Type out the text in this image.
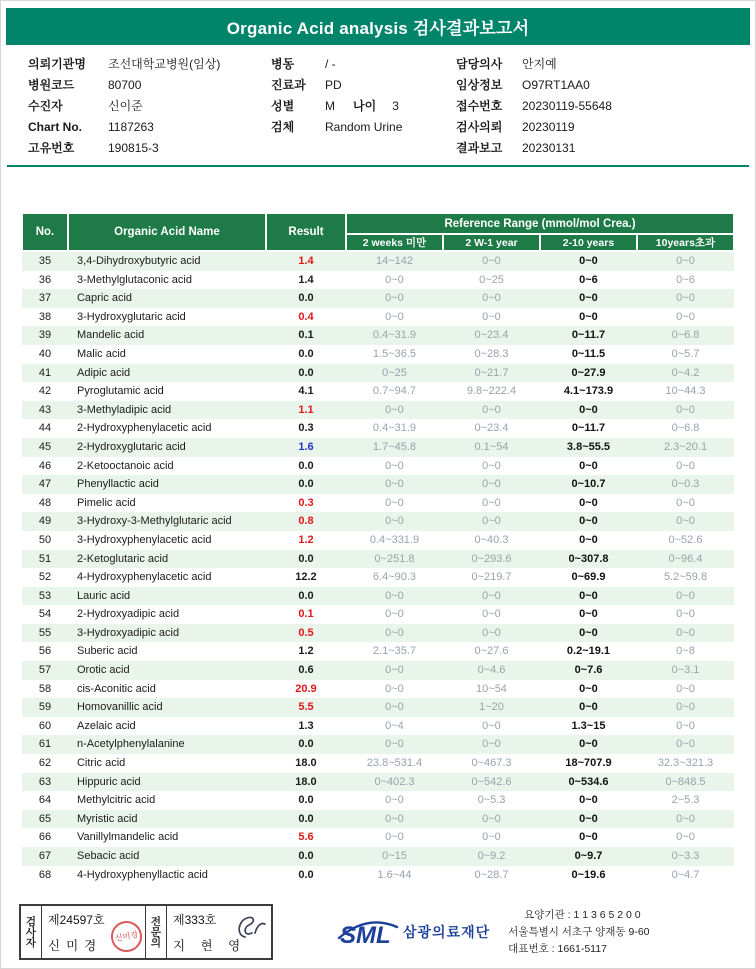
Organic Acid analysis 검사결과보고서
의뢰기관명	조선대학교병원(임상)
병원코드	80700
수진자	신이준
Chart No.	1187263
고유번호	190815-3
병동	/ -
진료과	PD
성별	M 나이 3
검체	Random Urine
담당의사	안지예
임상정보	O97RT1AA0
접수번호	20230119-55648
검사의뢰	20230119
결과보고	20230131
No.	Organic Acid Name	Result	Reference Range (mmol/mol Crea.)			
			2 weeks 미만	2 W-1 year	2-10 years	10years초과
35	3,4-Dihydroxybutyric acid	1.4	14~142	0~0	0~0	0~0
36	3-Methylglutaconic acid	1.4	0~0	0~25	0~6	0~6
37	Capric acid	0.0	0~0	0~0	0~0	0~0
38	3-Hydroxyglutaric acid	0.4	0~0	0~0	0~0	0~0
39	Mandelic acid	0.1	0.4~31.9	0~23.4	0~11.7	0~6.8
40	Malic acid	0.0	1.5~36.5	0~28.3	0~11.5	0~5.7
41	Adipic acid	0.0	0~25	0~21.7	0~27.9	0~4.2
42	Pyroglutamic acid	4.1	0.7~94.7	9.8~222.4	4.1~173.9	10~44.3
43	3-Methyladipic acid	1.1	0~0	0~0	0~0	0~0
44	2-Hydroxyphenylacetic acid	0.3	0.4~31.9	0~23.4	0~11.7	0~6.8
45	2-Hydroxyglutaric acid	1.6	1.7~45.8	0.1~54	3.8~55.5	2.3~20.1
46	2-Ketooctanoic acid	0.0	0~0	0~0	0~0	0~0
47	Phenyllactic acid	0.0	0~0	0~0	0~10.7	0~0.3
48	Pimelic acid	0.3	0~0	0~0	0~0	0~0
49	3-Hydroxy-3-Methylglutaric acid	0.8	0~0	0~0	0~0	0~0
50	3-Hydroxyphenylacetic acid	1.2	0.4~331.9	0~40.3	0~0	0~52.6
51	2-Ketoglutaric acid	0.0	0~251.8	0~293.6	0~307.8	0~96.4
52	4-Hydroxyphenylacetic acid	12.2	6.4~90.3	0~219.7	0~69.9	5.2~59.8
53	Lauric acid	0.0	0~0	0~0	0~0	0~0
54	2-Hydroxyadipic acid	0.1	0~0	0~0	0~0	0~0
55	3-Hydroxyadipic acid	0.5	0~0	0~0	0~0	0~0
56	Suberic acid	1.2	2.1~35.7	0~27.6	0.2~19.1	0~8
57	Orotic acid	0.6	0~0	0~4.6	0~7.6	0~3.1
58	cis-Aconitic acid	20.9	0~0	10~54	0~0	0~0
59	Homovanillic acid	5.5	0~0	1~20	0~0	0~0
60	Azelaic acid	1.3	0~4	0~0	1.3~15	0~0
61	n-Acetylphenylalanine	0.0	0~0	0~0	0~0	0~0
62	Citric acid	18.0	23.8~531.4	0~467.3	18~707.9	32.3~321.3
63	Hippuric acid	18.0	0~402.3	0~542.6	0~534.6	0~848.5
64	Methylcitric acid	0.0	0~0	0~5.3	0~0	2~5.3
65	Myristic acid	0.0	0~0	0~0	0~0	0~0
66	Vanillylmandelic acid	5.6	0~0	0~0	0~0	0~0
67	Sebacic acid	0.0	0~15	0~9.2	0~9.7	0~3.3
68	4-Hydroxyphenyllactic acid	0.0	1.6~44	0~28.7	0~19.6	0~4.7
검사자 제24597호
신미경
신미경	전문의 제333호
지 현 영	SML 삼광의료재단
요양기관 : 1 1 3 6 5 2 0 0
서울특별시 서초구 양재동 9-60
대표번호 : 1661-5117
